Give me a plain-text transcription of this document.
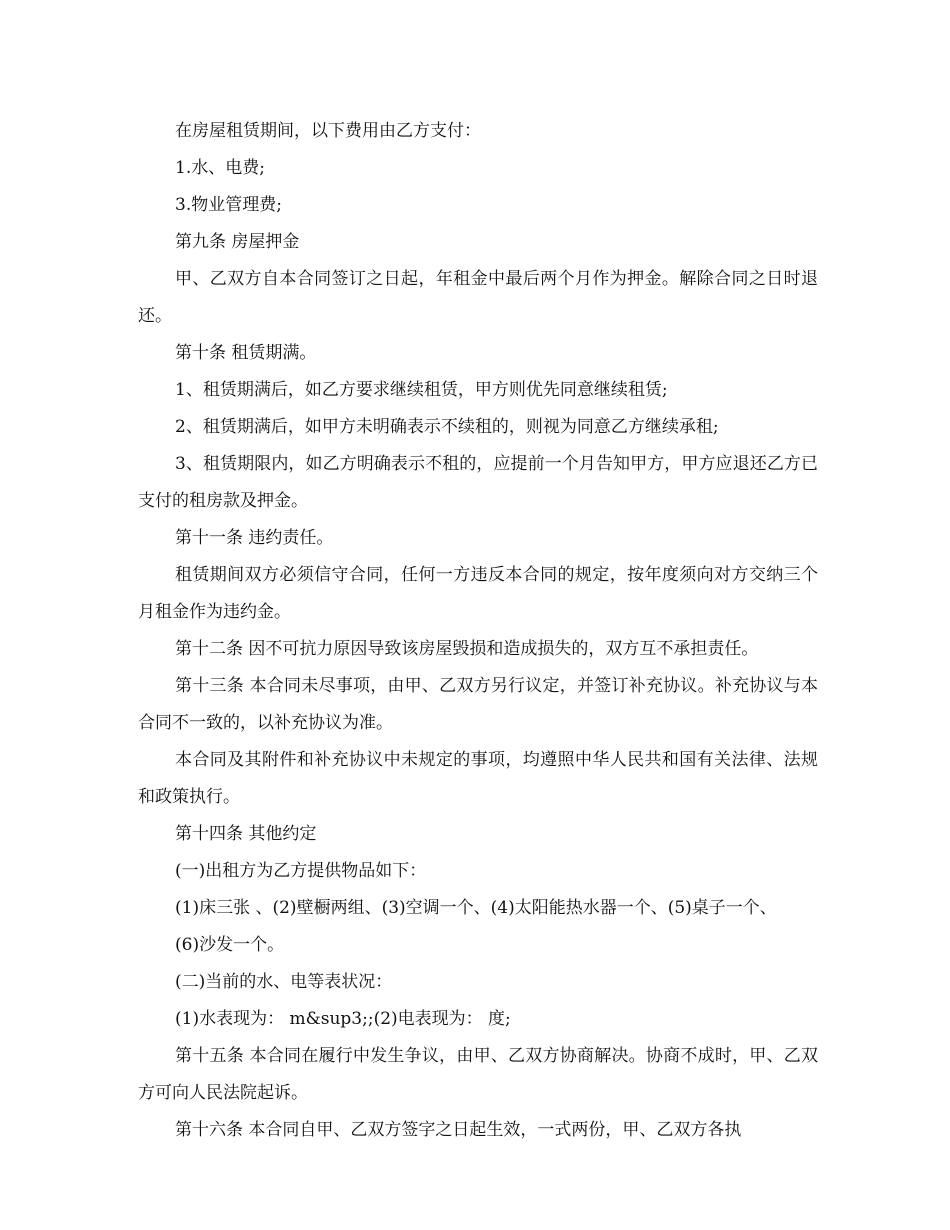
在房屋租赁期间，以下费用由乙方支付：

1.水、电费;

3.物业管理费;

第九条 房屋押金

甲、乙双方自本合同签订之日起，年租金中最后两个月作为押金。解除合同之日时退还。

第十条 租赁期满。

1、租赁期满后，如乙方要求继续租赁，甲方则优先同意继续租赁;

2、租赁期满后，如甲方未明确表示不续租的，则视为同意乙方继续承租;

3、租赁期限内，如乙方明确表示不租的，应提前一个月告知甲方，甲方应退还乙方已支付的租房款及押金。

第十一条 违约责任。

租赁期间双方必须信守合同，任何一方违反本合同的规定，按年度须向对方交纳三个月租金作为违约金。

第十二条 因不可抗力原因导致该房屋毁损和造成损失的，双方互不承担责任。

第十三条 本合同未尽事项，由甲、乙双方另行议定，并签订补充协议。补充协议与本合同不一致的，以补充协议为准。

本合同及其附件和补充协议中未规定的事项，均遵照中华人民共和国有关法律、法规和政策执行。

第十四条 其他约定

(一)出租方为乙方提供物品如下：

(1)床三张 、(2)壁橱两组、(3)空调一个、(4)太阳能热水器一个、(5)桌子一个、

(6)沙发一个。

(二)当前的水、电等表状况：

(1)水表现为： m&sup3;;(2)电表现为： 度;

第十五条 本合同在履行中发生争议，由甲、乙双方协商解决。协商不成时，甲、乙双方可向人民法院起诉。

第十六条 本合同自甲、乙双方签字之日起生效，一式两份，甲、乙双方各执
